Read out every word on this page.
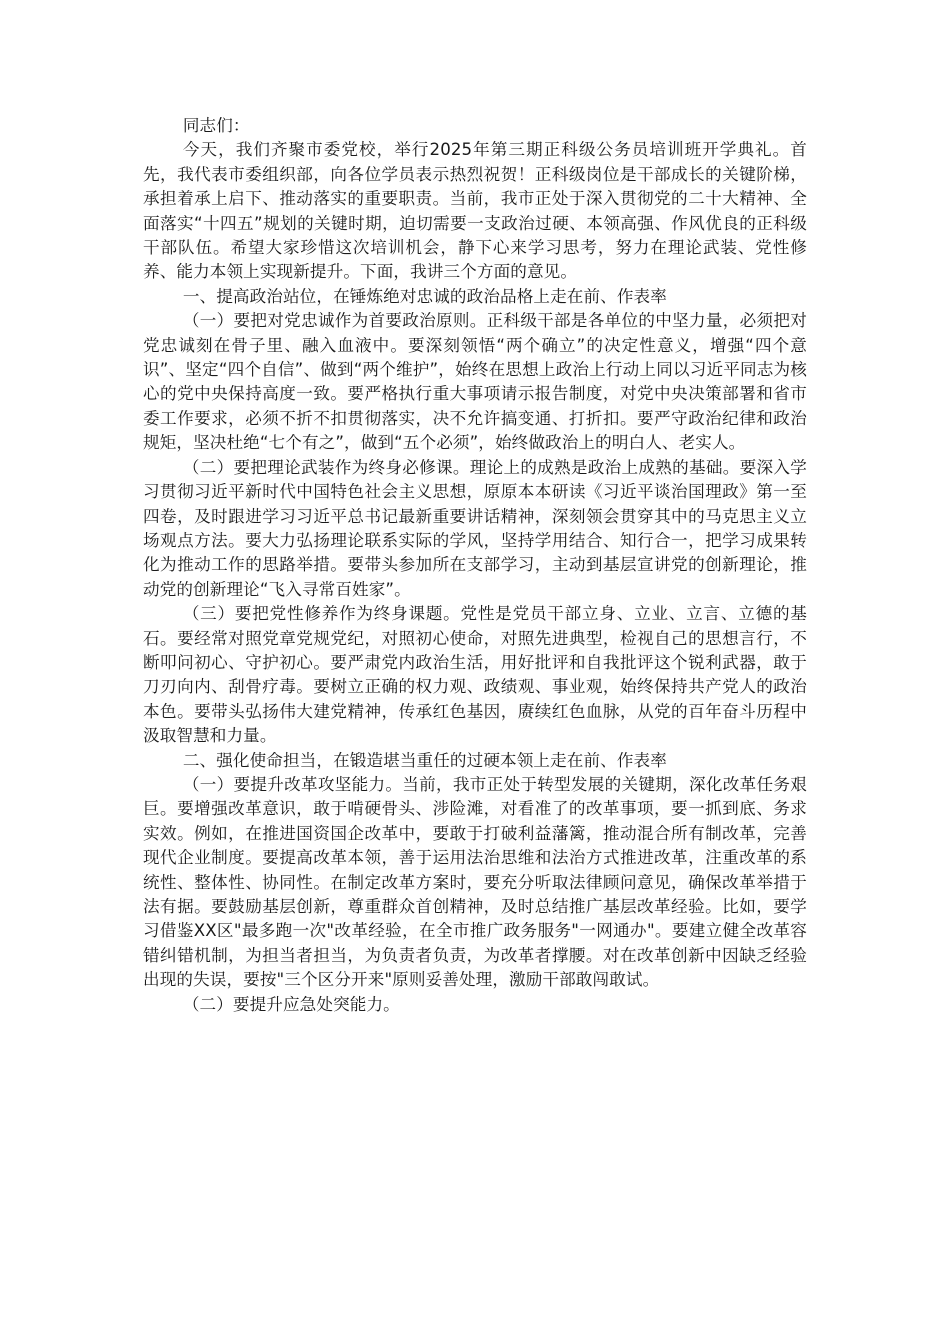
同志们：

今天，我们齐聚市委党校，举行2025年第三期正科级公务员培训班开学典礼。首先，我代表市委组织部，向各位学员表示热烈祝贺！正科级岗位是干部成长的关键阶梯，承担着承上启下、推动落实的重要职责。当前，我市正处于深入贯彻党的二十大精神、全面落实“十四五”规划的关键时期，迫切需要一支政治过硬、本领高强、作风优良的正科级干部队伍。希望大家珍惜这次培训机会，静下心来学习思考，努力在理论武装、党性修养、能力本领上实现新提升。下面，我讲三个方面的意见。

一、提高政治站位，在锤炼绝对忠诚的政治品格上走在前、作表率

（一）要把对党忠诚作为首要政治原则。正科级干部是各单位的中坚力量，必须把对党忠诚刻在骨子里、融入血液中。要深刻领悟“两个确立”的决定性意义，增强“四个意识”、坚定“四个自信”、做到“两个维护”，始终在思想上政治上行动上同以习近平同志为核心的党中央保持高度一致。要严格执行重大事项请示报告制度，对党中央决策部署和省市委工作要求，必须不折不扣贯彻落实，决不允许搞变通、打折扣。要严守政治纪律和政治规矩，坚决杜绝“七个有之”，做到“五个必须”，始终做政治上的明白人、老实人。

（二）要把理论武装作为终身必修课。理论上的成熟是政治上成熟的基础。要深入学习贯彻习近平新时代中国特色社会主义思想，原原本本研读《习近平谈治国理政》第一至四卷，及时跟进学习习近平总书记最新重要讲话精神，深刻领会贯穿其中的马克思主义立场观点方法。要大力弘扬理论联系实际的学风，坚持学用结合、知行合一，把学习成果转化为推动工作的思路举措。要带头参加所在支部学习，主动到基层宣讲党的创新理论，推动党的创新理论“飞入寻常百姓家”。

（三）要把党性修养作为终身课题。党性是党员干部立身、立业、立言、立德的基石。要经常对照党章党规党纪，对照初心使命，对照先进典型，检视自己的思想言行，不断叩问初心、守护初心。要严肃党内政治生活，用好批评和自我批评这个锐利武器，敢于刀刃向内、刮骨疗毒。要树立正确的权力观、政绩观、事业观，始终保持共产党人的政治本色。要带头弘扬伟大建党精神，传承红色基因，赓续红色血脉，从党的百年奋斗历程中汲取智慧和力量。

二、强化使命担当，在锻造堪当重任的过硬本领上走在前、作表率

（一）要提升改革攻坚能力。当前，我市正处于转型发展的关键期，深化改革任务艰巨。要增强改革意识，敢于啃硬骨头、涉险滩，对看准了的改革事项，要一抓到底、务求实效。例如，在推进国资国企改革中，要敢于打破利益藩篱，推动混合所有制改革，完善现代企业制度。要提高改革本领，善于运用法治思维和法治方式推进改革，注重改革的系统性、整体性、协同性。在制定改革方案时，要充分听取法律顾问意见，确保改革举措于法有据。要鼓励基层创新，尊重群众首创精神，及时总结推广基层改革经验。比如，要学习借鉴XX区"最多跑一次"改革经验，在全市推广政务服务"一网通办"。要建立健全改革容错纠错机制，为担当者担当，为负责者负责，为改革者撑腰。对在改革创新中因缺乏经验出现的失误，要按"三个区分开来"原则妥善处理，激励干部敢闯敢试。

（二）要提升应急处突能力。
